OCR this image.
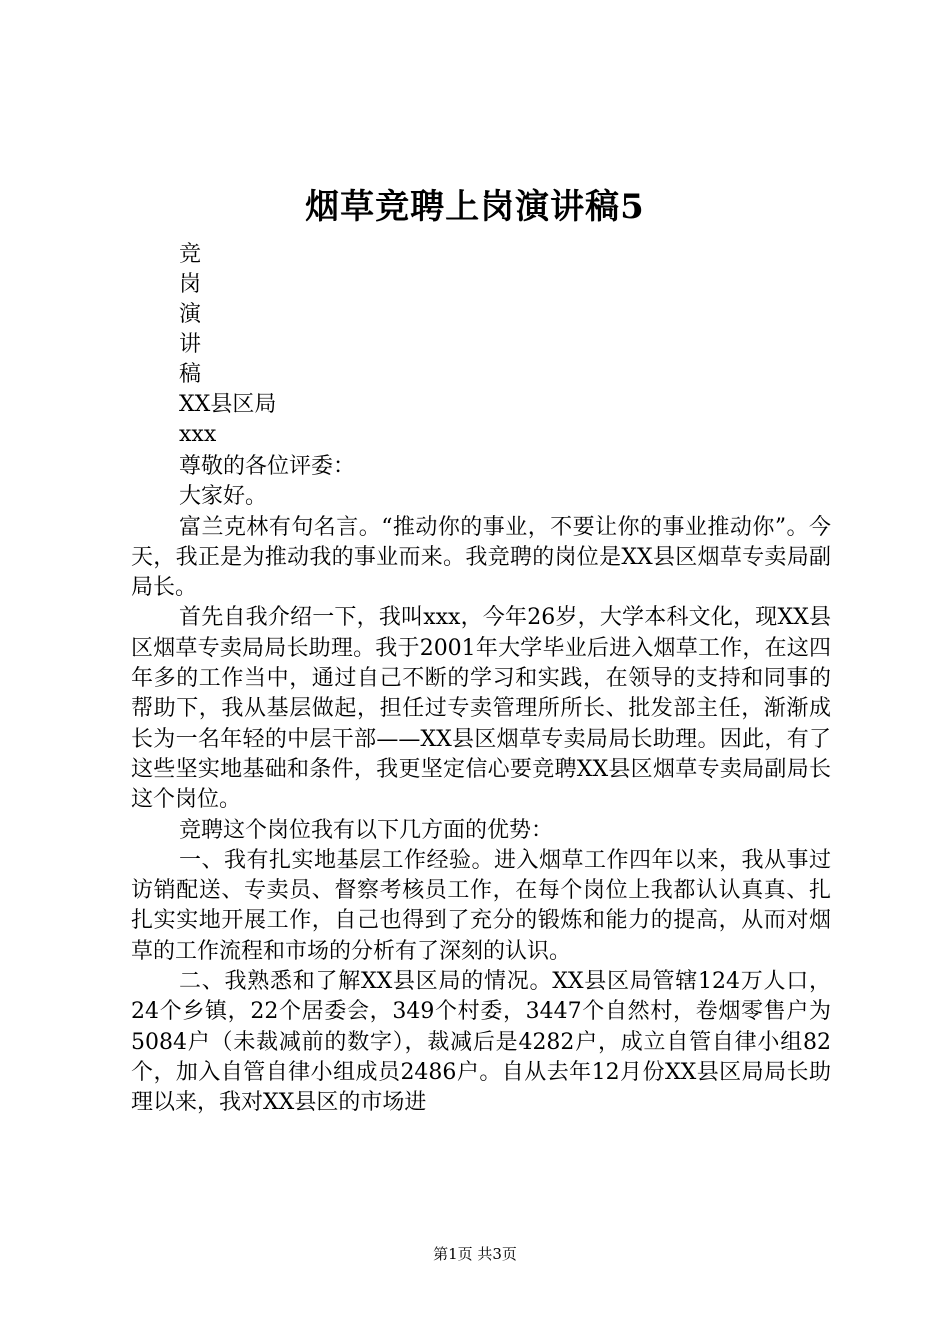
烟草竞聘上岗演讲稿5
竞
岗
演
讲
稿
XX县区局
xxx

尊敬的各位评委：

大家好。

富兰克林有句名言。“推动你的事业，不要让你的事业推动你”。今天，我正是为推动我的事业而来。我竞聘的岗位是XX县区烟草专卖局副局长。

首先自我介绍一下，我叫xxx，今年26岁，大学本科文化，现XX县区烟草专卖局局长助理。我于2001年大学毕业后进入烟草工作，在这四年多的工作当中，通过自己不断的学习和实践，在领导的支持和同事的帮助下，我从基层做起，担任过专卖管理所所长、批发部主任，渐渐成长为一名年轻的中层干部——XX县区烟草专卖局局长助理。因此，有了这些坚实地基础和条件，我更坚定信心要竞聘XX县区烟草专卖局副局长这个岗位。

竞聘这个岗位我有以下几方面的优势：

一、我有扎实地基层工作经验。进入烟草工作四年以来，我从事过访销配送、专卖员、督察考核员工作，在每个岗位上我都认认真真、扎扎实实地开展工作，自己也得到了充分的锻炼和能力的提高，从而对烟草的工作流程和市场的分析有了深刻的认识。

二、我熟悉和了解XX县区局的情况。XX县区局管辖124万人口，24个乡镇，22个居委会，349个村委，3447个自然村，卷烟零售户为5084户（未裁减前的数字），裁减后是4282户，成立自管自律小组82个，加入自管自律小组成员2486户。自从去年12月份XX县区局局长助理以来，我对XX县区的市场进

第1页 共3页
